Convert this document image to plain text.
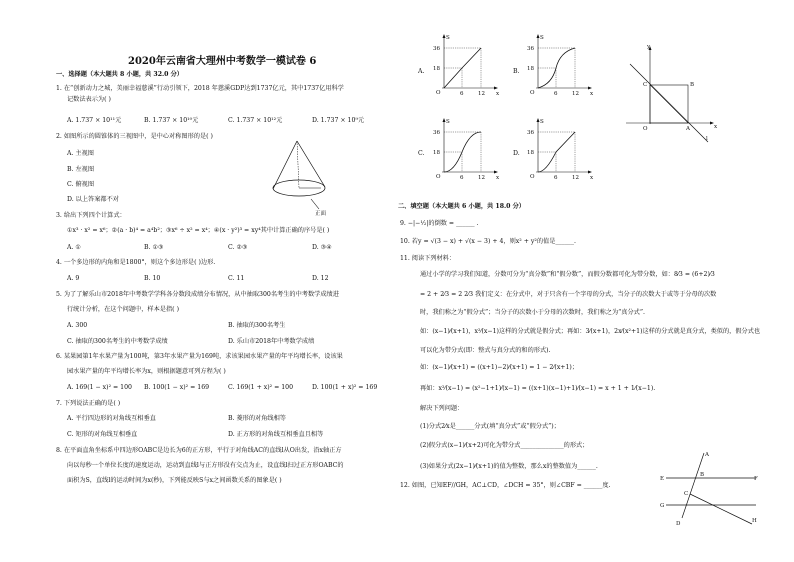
2020年云南省大理州中考数学一模试卷 6
一、选择题（本大题共 8 小题，共 32.0 分）
1. 在“创新动力之城，美丽幸福慈溪”行动引领下，2018 年慈溪GDP达到1737亿元，其中1737亿用科学
记数法表示为( )
A. 1.737 × 10¹¹元	B. 1.737 × 10¹⁰元	C. 1.737 × 10¹²元	D. 1.737 × 10⁹元
2. 如图所示的圆锥体的三视图中，是中心对称图形的是( )
A. 主视图
B. 左视图
C. 俯视图
D. 以上答案都不对
正面
3. 给出下列四个计算式：
①x³ · x² = x⁶；②(a · b)⁴ = a⁴b²；③x⁶ ÷ x² = x⁴；④(x · y²)³ = xy⁴其中计算正确的序号是( )
A. ①	B. ①③	C. ②③	D. ③④
4. 一个多边形的内角和是1800°，则这个多边形是( )边形.
A. 9	B. 10	C. 11	D. 12
5. 为了了解乐山市2018年中考数学学科各分数段成绩分布情况，从中抽取300名考生的中考数学成绩进
行统计分析，在这个问题中，样本是指( )
A. 300	B. 抽取的300名考生
C. 抽取的300名考生的中考数学成绩	D. 乐山市2018年中考数学成绩
6. 某果园第1年水果产量为100吨，第3年水果产量为169吨，求该果园水果产量的年平均增长率，设该果
园水果产量的年平均增长率为x，则根据题意可列方程为( )
A. 169(1 − x)² = 100 B. 100(1 − x)² = 169	C. 169(1 + x)² = 100	D. 100(1 + x)² = 169
7. 下列说法正确的是( )
A. 平行四边形的对角线互相垂直	B. 菱形的对角线相等
C. 矩形的对角线互相垂直	D. 正方形的对角线互相垂直且相等
8. 在平面直角坐标系中四边形OABC是边长为6的正方形，平行于对角线AC的直线l从O出发，沿x轴正方
向以每秒一个单位长度的速度运动，运动到直线l与正方形没有交点为止，设直线l扫过正方形OABC的
面积为S，直线l的运动时间为x(秒)，下列能反映S与x之间函数关系的图象是( )
A.
S
x
O
36
18
6	12
B.
S
x
O
36
18
6	12
C.
S
x
O
36
18
6	12
D.
S
x
O
36
18
6	12
y
x
C	B
O	A
l
二、填空题（本大题共 6 小题，共 18.0 分）
9. −|−¹⁄₂|的倒数 = ______ .
10. 若y = √(3 − x) + √(x − 3) + 4，则x² + y²的值是______.
11. 阅读下列材料：
通过小学的学习我们知道，分数可分为“真分数”和“假分数”，而假分数都可化为带分数，如：8⁄3 = (6+2)⁄3
= 2 + 2⁄3 = 2 2⁄3 我们定义：在分式中，对于只含有一个字母的分式，当分子的次数大于或等于分母的次数
时，我们称之为“假分式”；当分子的次数小于分母的次数时，我们称之为“真分式”.
如：(x−1)⁄(x+1)，x²⁄(x−1)这样的分式就是假分式；再如：3⁄(x+1)，2x⁄(x²+1)这样的分式就是真分式，类似的，假分式也
可以化为带分式(即：整式与真分式的和的形式).
如：(x−1)⁄(x+1) = ((x+1)−2)⁄(x+1) = 1 − 2⁄(x+1)；
再如：x²⁄(x−1) = (x²−1+1)⁄(x−1) = ((x+1)(x−1)+1)⁄(x−1) = x + 1 + 1⁄(x−1).
解决下列问题：
(1)分式2⁄x是______分式(填“真分式”或“假分式”)；
(2)假分式(x−1)⁄(x+2)可化为带分式______________的形式；
(3)如果分式(2x−1)⁄(x+1)的值为整数，那么x的整数值为______.
12. 如图，已知EF//GH，AC⊥CD，∠DCH = 35°，则∠CBF = ______度.
A
E
B
F
C
G
D	H
